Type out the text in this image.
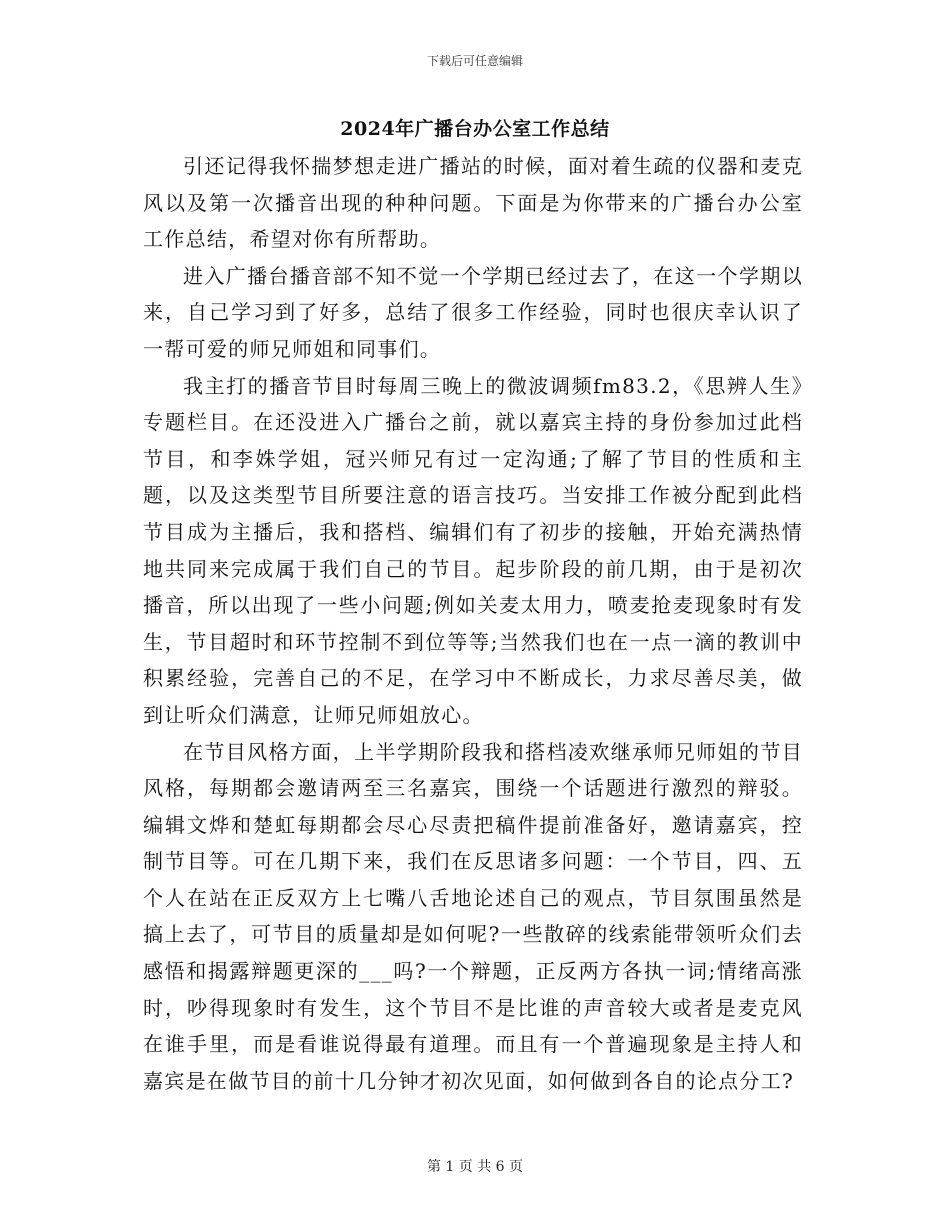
下载后可任意编辑
2024年广播台办公室工作总结

引还记得我怀揣梦想走进广播站的时候，面对着生疏的仪器和麦克风以及第一次播音出现的种种问题。下面是为你带来的广播台办公室工作总结，希望对你有所帮助。

进入广播台播音部不知不觉一个学期已经过去了，在这一个学期以来，自己学习到了好多，总结了很多工作经验，同时也很庆幸认识了一帮可爱的师兄师姐和同事们。

我主打的播音节目时每周三晚上的微波调频fm83.2，《思辨人生》专题栏目。在还没进入广播台之前，就以嘉宾主持的身份参加过此档节目，和李姝学姐，冠兴师兄有过一定沟通;了解了节目的性质和主题，以及这类型节目所要注意的语言技巧。当安排工作被分配到此档节目成为主播后，我和搭档、编辑们有了初步的接触，开始充满热情地共同来完成属于我们自己的节目。起步阶段的前几期，由于是初次播音，所以出现了一些小问题;例如关麦太用力，喷麦抢麦现象时有发生，节目超时和环节控制不到位等等;当然我们也在一点一滴的教训中积累经验，完善自己的不足，在学习中不断成长，力求尽善尽美，做到让听众们满意，让师兄师姐放心。

在节目风格方面，上半学期阶段我和搭档凌欢继承师兄师姐的节目风格，每期都会邀请两至三名嘉宾，围绕一个话题进行激烈的辩驳。编辑文烨和楚虹每期都会尽心尽责把稿件提前准备好，邀请嘉宾，控制节目等。可在几期下来，我们在反思诸多问题：一个节目，四、五个人在站在正反双方上七嘴八舌地论述自己的观点，节目氛围虽然是搞上去了，可节目的质量却是如何呢?一些散碎的线索能带领听众们去感悟和揭露辩题更深的___吗?一个辩题，正反两方各执一词;情绪高涨时，吵得现象时有发生，这个节目不是比谁的声音较大或者是麦克风在谁手里，而是看谁说得最有道理。而且有一个普遍现象是主持人和嘉宾是在做节目的前十几分钟才初次见面，如何做到各自的论点分工?

第 1 页 共 6 页
